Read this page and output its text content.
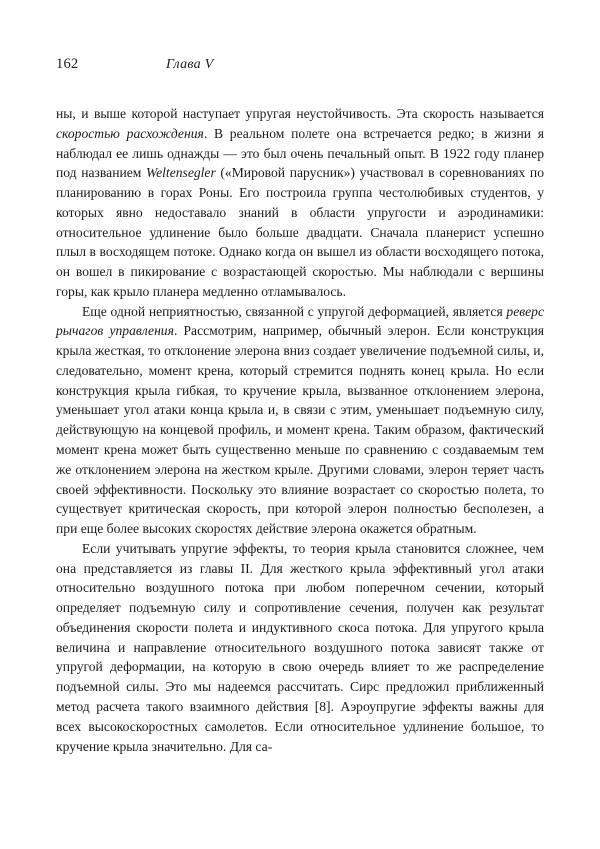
162	Глава V

ны, и выше которой наступает упругая неустойчивость. Эта скорость называется скоростью расхождения. В реальном полете она встречается редко; в жизни я наблюдал ее лишь однажды — это был очень печальный опыт. В 1922 году планер под названием Weltensegler («Мировой парусник») участвовал в соревнованиях по планированию в горах Роны. Его построила группа честолюбивых студентов, у которых явно недоставало знаний в области упругости и аэродинамики: относительное удлинение было больше двадцати. Сначала планерист успешно плыл в восходящем потоке. Однако когда он вышел из области восходящего потока, он вошел в пикирование с возрастающей скоростью. Мы наблюдали с вершины горы, как крыло планера медленно отламывалось.

Еще одной неприятностью, связанной с упругой деформацией, является реверс рычагов управления. Рассмотрим, например, обычный элерон. Если конструкция крыла жесткая, то отклонение элерона вниз создает увеличение подъемной силы, и, следовательно, момент крена, который стремится поднять конец крыла. Но если конструкция крыла гибкая, то кручение крыла, вызванное отклонением элерона, уменьшает угол атаки конца крыла и, в связи с этим, уменьшает подъемную силу, действующую на концевой профиль, и момент крена. Таким образом, фактический момент крена может быть существенно меньше по сравнению с создаваемым тем же отклонением элерона на жестком крыле. Другими словами, элерон теряет часть своей эффективности. Поскольку это влияние возрастает со скоростью полета, то существует критическая скорость, при которой элерон полностью бесполезен, а при еще более высоких скоростях действие элерона окажется обратным.

Если учитывать упругие эффекты, то теория крыла становится сложнее, чем она представляется из главы II. Для жесткого крыла эффективный угол атаки относительно воздушного потока при любом поперечном сечении, который определяет подъемную силу и сопротивление сечения, получен как результат объединения скорости полета и индуктивного скоса потока. Для упругого крыла величина и направление относительного воздушного потока зависят также от упругой деформации, на которую в свою очередь влияет то же распределение подъемной силы. Это мы надеемся рассчитать. Сирс предложил приближенный метод расчета такого взаимного действия [8]. Аэроупругие эффекты важны для всех высокоскоростных самолетов. Если относительное удлинение большое, то кручение крыла значительно. Для са-
